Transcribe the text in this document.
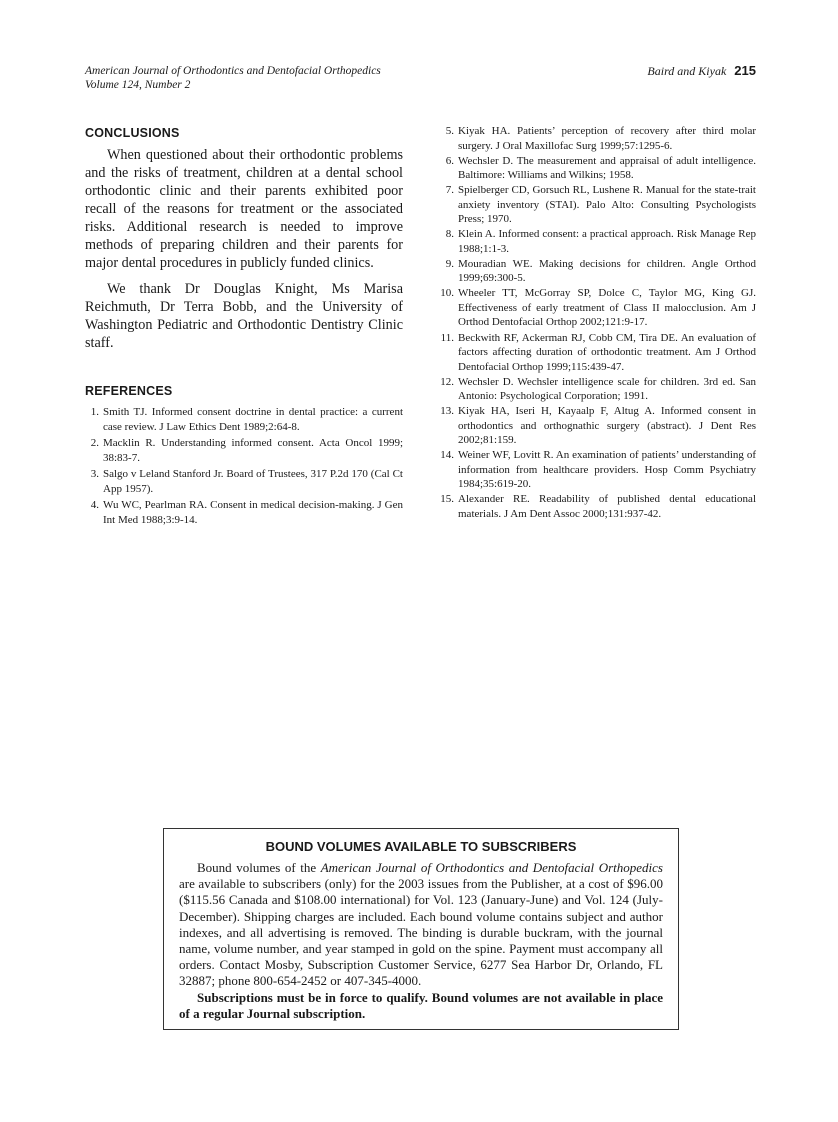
American Journal of Orthodontics and Dentofacial Orthopedics
Volume 124, Number 2
Baird and Kiyak 215
CONCLUSIONS

When questioned about their orthodontic problems and the risks of treatment, children at a dental school orthodontic clinic and their parents exhibited poor recall of the reasons for treatment or the associated risks. Additional research is needed to improve methods of preparing children and their parents for major dental procedures in publicly funded clinics.

We thank Dr Douglas Knight, Ms Marisa Reichmuth, Dr Terra Bobb, and the University of Washington Pediatric and Orthodontic Dentistry Clinic staff.

REFERENCES
1. Smith TJ. Informed consent doctrine in dental practice: a current case review. J Law Ethics Dent 1989;2:64-8.
2. Macklin R. Understanding informed consent. Acta Oncol 1999; 38:83-7.
3. Salgo v Leland Stanford Jr. Board of Trustees, 317 P.2d 170 (Cal Ct App 1957).
4. Wu WC, Pearlman RA. Consent in medical decision-making. J Gen Int Med 1988;3:9-14.
5. Kiyak HA. Patients’ perception of recovery after third molar surgery. J Oral Maxillofac Surg 1999;57:1295-6.
6. Wechsler D. The measurement and appraisal of adult intelligence. Baltimore: Williams and Wilkins; 1958.
7. Spielberger CD, Gorsuch RL, Lushene R. Manual for the state-trait anxiety inventory (STAI). Palo Alto: Consulting Psychologists Press; 1970.
8. Klein A. Informed consent: a practical approach. Risk Manage Rep 1988;1:1-3.
9. Mouradian WE. Making decisions for children. Angle Orthod 1999;69:300-5.
10. Wheeler TT, McGorray SP, Dolce C, Taylor MG, King GJ. Effectiveness of early treatment of Class II malocclusion. Am J Orthod Dentofacial Orthop 2002;121:9-17.
11. Beckwith RF, Ackerman RJ, Cobb CM, Tira DE. An evaluation of factors affecting duration of orthodontic treatment. Am J Orthod Dentofacial Orthop 1999;115:439-47.
12. Wechsler D. Wechsler intelligence scale for children. 3rd ed. San Antonio: Psychological Corporation; 1991.
13. Kiyak HA, Iseri H, Kayaalp F, Altug A. Informed consent in orthodontics and orthognathic surgery (abstract). J Dent Res 2002;81:159.
14. Weiner WF, Lovitt R. An examination of patients’ understanding of information from healthcare providers. Hosp Comm Psychiatry 1984;35:619-20.
15. Alexander RE. Readability of published dental educational materials. J Am Dent Assoc 2000;131:937-42.
BOUND VOLUMES AVAILABLE TO SUBSCRIBERS

Bound volumes of the American Journal of Orthodontics and Dentofacial Orthopedics are available to subscribers (only) for the 2003 issues from the Publisher, at a cost of $96.00 ($115.56 Canada and $108.00 international) for Vol. 123 (January-June) and Vol. 124 (July-December). Shipping charges are included. Each bound volume contains subject and author indexes, and all advertising is removed. The binding is durable buckram, with the journal name, volume number, and year stamped in gold on the spine. Payment must accompany all orders. Contact Mosby, Subscription Customer Service, 6277 Sea Harbor Dr, Orlando, FL 32887; phone 800-654-2452 or 407-345-4000.

Subscriptions must be in force to qualify. Bound volumes are not available in place of a regular Journal subscription.
